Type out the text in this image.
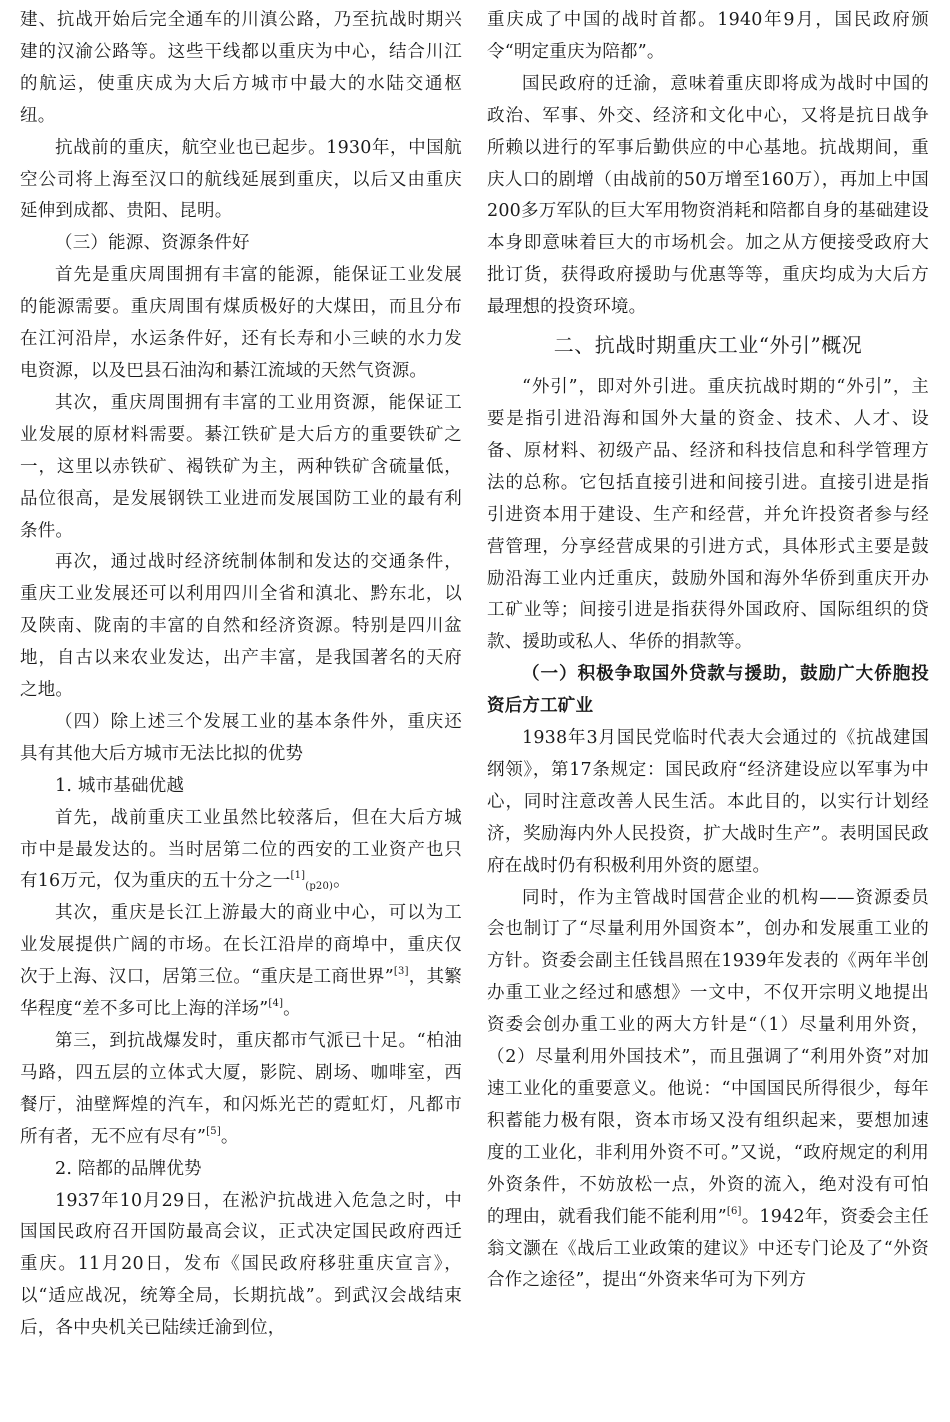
建、抗战开始后完全通车的川滇公路，乃至抗战时期兴建的汉渝公路等。这些干线都以重庆为中心，结合川江的航运，使重庆成为大后方城市中最大的水陆交通枢纽。

抗战前的重庆，航空业也已起步。1930年，中国航空公司将上海至汉口的航线延展到重庆，以后又由重庆延伸到成都、贵阳、昆明。

（三）能源、资源条件好

首先是重庆周围拥有丰富的能源，能保证工业发展的能源需要。重庆周围有煤质极好的大煤田，而且分布在江河沿岸，水运条件好，还有长寿和小三峡的水力发电资源，以及巴县石油沟和綦江流域的天然气资源。

其次，重庆周围拥有丰富的工业用资源，能保证工业发展的原材料需要。綦江铁矿是大后方的重要铁矿之一，这里以赤铁矿、褐铁矿为主，两种铁矿含硫量低，品位很高，是发展钢铁工业进而发展国防工业的最有利条件。

再次，通过战时经济统制体制和发达的交通条件，重庆工业发展还可以利用四川全省和滇北、黔东北，以及陕南、陇南的丰富的自然和经济资源。特别是四川盆地，自古以来农业发达，出产丰富，是我国著名的天府之地。

（四）除上述三个发展工业的基本条件外，重庆还具有其他大后方城市无法比拟的优势

1. 城市基础优越

首先，战前重庆工业虽然比较落后，但在大后方城市中是最发达的。当时居第二位的西安的工业资产也只有16万元，仅为重庆的五十分之一[1]$_{(p20)}$。

其次，重庆是长江上游最大的商业中心，可以为工业发展提供广阔的市场。在长江沿岸的商埠中，重庆仅次于上海、汉口，居第三位。“重庆是工商世界”[3]，其繁华程度“差不多可比上海的洋场”[4]。

第三，到抗战爆发时，重庆都市气派已十足。“柏油马路，四五层的立体式大厦，影院、剧场、咖啡室，西餐厅，油壁辉煌的汽车，和闪烁光芒的霓虹灯，凡都市所有者，无不应有尽有”[5]。

2. 陪都的品牌优势

1937年10月29日，在淞沪抗战进入危急之时，中国国民政府召开国防最高会议，正式决定国民政府西迁重庆。11月20日，发布《国民政府移驻重庆宣言》，以“适应战况，统筹全局，长期抗战”。到武汉会战结束后，各中央机关已陆续迁渝到位，

重庆成了中国的战时首都。1940年9月，国民政府颁令“明定重庆为陪都”。

国民政府的迁渝，意味着重庆即将成为战时中国的政治、军事、外交、经济和文化中心，又将是抗日战争所赖以进行的军事后勤供应的中心基地。抗战期间，重庆人口的剧增（由战前的50万增至160万），再加上中国200多万军队的巨大军用物资消耗和陪都自身的基础建设本身即意味着巨大的市场机会。加之从方便接受政府大批订货，获得政府援助与优惠等等，重庆均成为大后方最理想的投资环境。

二、抗战时期重庆工业“外引”概况

“外引”，即对外引进。重庆抗战时期的“外引”，主要是指引进沿海和国外大量的资金、技术、人才、设备、原材料、初级产品、经济和科技信息和科学管理方法的总称。它包括直接引进和间接引进。直接引进是指引进资本用于建设、生产和经营，并允许投资者参与经营管理，分享经营成果的引进方式，具体形式主要是鼓励沿海工业内迁重庆，鼓励外国和海外华侨到重庆开办工矿业等；间接引进是指获得外国政府、国际组织的贷款、援助或私人、华侨的捐款等。

（一）积极争取国外贷款与援助，鼓励广大侨胞投资后方工矿业

1938年3月国民党临时代表大会通过的《抗战建国纲领》，第17条规定：国民政府“经济建设应以军事为中心，同时注意改善人民生活。本此目的，以实行计划经济，奖励海内外人民投资，扩大战时生产”。表明国民政府在战时仍有积极利用外资的愿望。

同时，作为主管战时国营企业的机构——资源委员会也制订了“尽量利用外国资本”，创办和发展重工业的方针。资委会副主任钱昌照在1939年发表的《两年半创办重工业之经过和感想》一文中，不仅开宗明义地提出资委会创办重工业的两大方针是“（1）尽量利用外资，（2）尽量利用外国技术”，而且强调了“利用外资”对加速工业化的重要意义。他说：“中国国民所得很少，每年积蓄能力极有限，资本市场又没有组织起来，要想加速度的工业化，非利用外资不可。”又说，“政府规定的利用外资条件，不妨放松一点，外资的流入，绝对没有可怕的理由，就看我们能不能利用”[6]。1942年，资委会主任翁文灏在《战后工业政策的建议》中还专门论及了“外资合作之途径”，提出“外资来华可为下列方
